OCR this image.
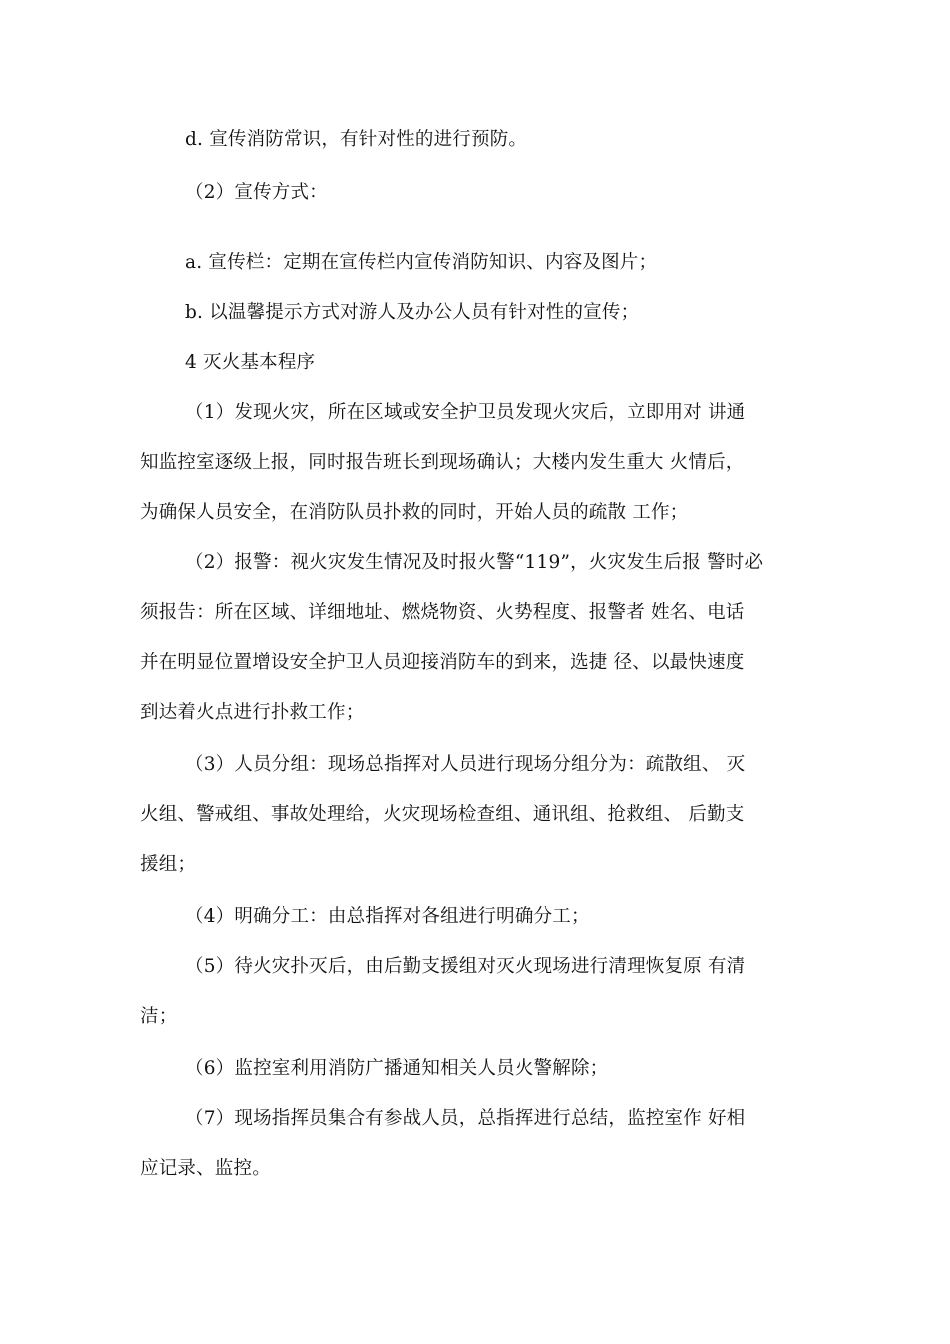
d. 宣传消防常识，有针对性的进行预防。
（2）宣传方式：
a. 宣传栏：定期在宣传栏内宣传消防知识、内容及图片；
b. 以温馨提示方式对游人及办公人员有针对性的宣传；
4 灭火基本程序
（1）发现火灾，所在区域或安全护卫员发现火灾后，立即用对 讲通
知监控室逐级上报，同时报告班长到现场确认；大楼内发生重大 火情后，
为确保人员安全，在消防队员扑救的同时，开始人员的疏散 工作；
（2）报警：视火灾发生情况及时报火警“119”，火灾发生后报 警时必
须报告：所在区域、详细地址、燃烧物资、火势程度、报警者 姓名、电话
并在明显位置增设安全护卫人员迎接消防车的到来，选捷 径、以最快速度
到达着火点进行扑救工作；
（3）人员分组：现场总指挥对人员进行现场分组分为：疏散组、 灭
火组、警戒组、事故处理给，火灾现场检查组、通讯组、抢救组、 后勤支
援组；
（4）明确分工：由总指挥对各组进行明确分工；
（5）待火灾扑灭后，由后勤支援组对灭火现场进行清理恢复原 有清
洁；
（6）监控室利用消防广播通知相关人员火警解除；
（7）现场指挥员集合有参战人员，总指挥进行总结，监控室作 好相
应记录、监控。
